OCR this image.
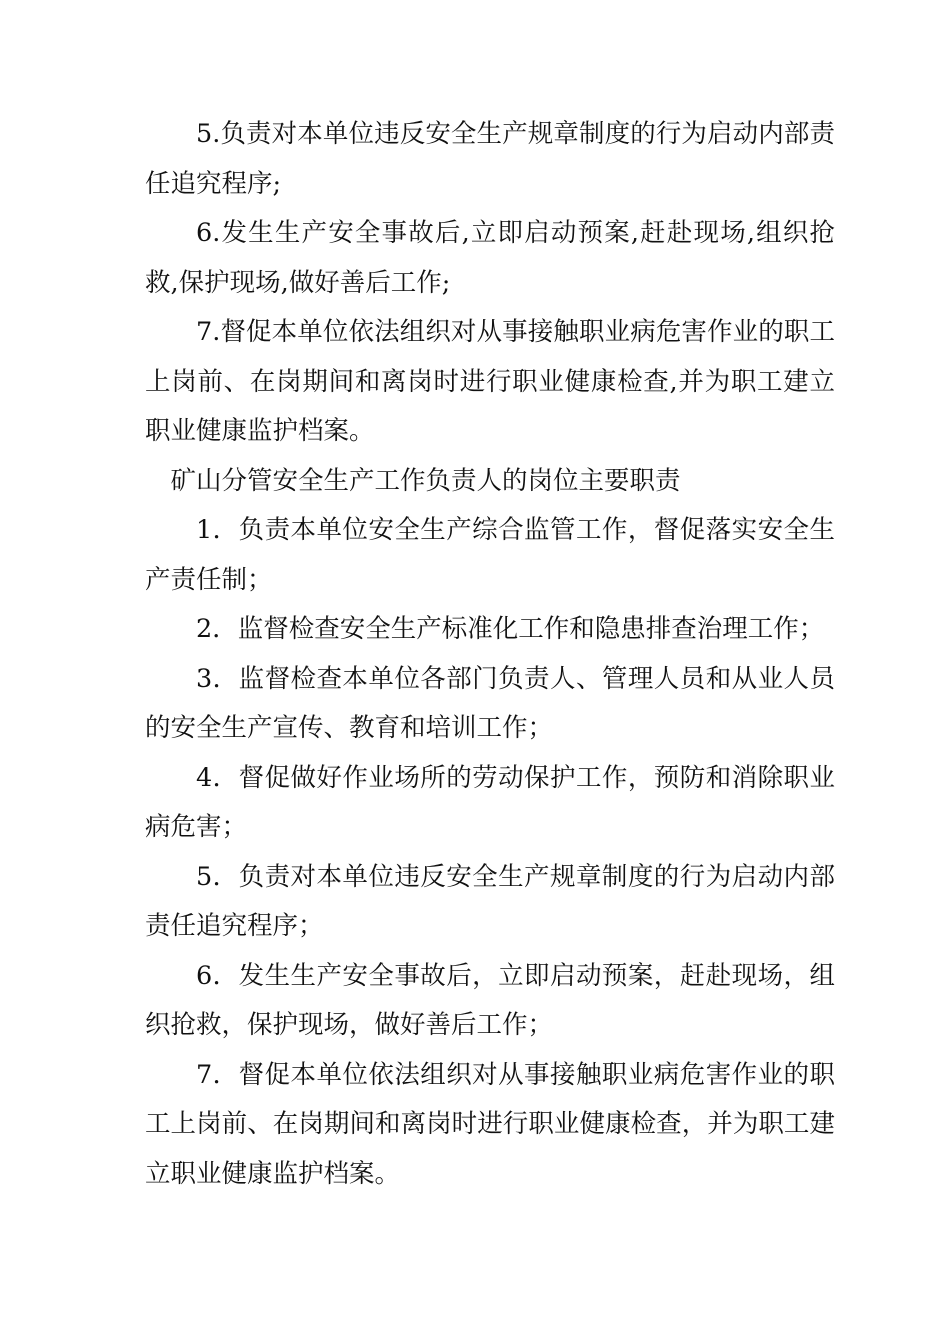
5.负责对本单位违反安全生产规章制度的行为启动内部责任追究程序;

6.发生生产安全事故后,立即启动预案,赶赴现场,组织抢救,保护现场,做好善后工作;

7.督促本单位依法组织对从事接触职业病危害作业的职工上岗前、在岗期间和离岗时进行职业健康检查,并为职工建立职业健康监护档案。

矿山分管安全生产工作负责人的岗位主要职责

1．负责本单位安全生产综合监管工作，督促落实安全生产责任制；

2．监督检查安全生产标准化工作和隐患排查治理工作；

3．监督检查本单位各部门负责人、管理人员和从业人员的安全生产宣传、教育和培训工作；

4．督促做好作业场所的劳动保护工作，预防和消除职业病危害；

5．负责对本单位违反安全生产规章制度的行为启动内部责任追究程序；

6．发生生产安全事故后，立即启动预案，赶赴现场，组织抢救，保护现场，做好善后工作；

7．督促本单位依法组织对从事接触职业病危害作业的职工上岗前、在岗期间和离岗时进行职业健康检查，并为职工建立职业健康监护档案。
